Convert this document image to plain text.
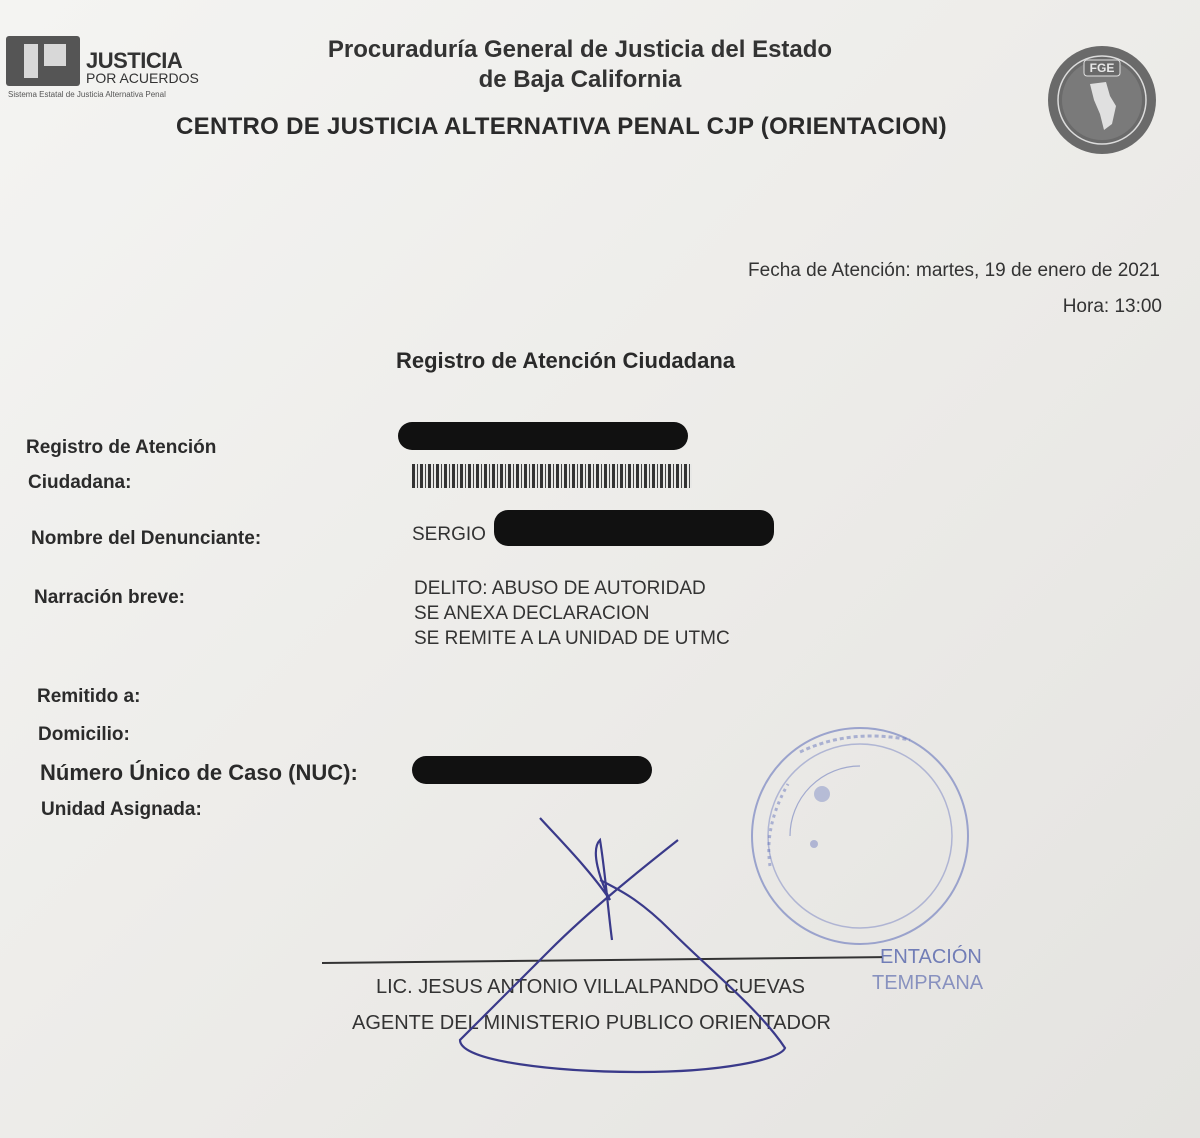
JUSTICIA
POR ACUERDOS
Sistema Estatal de Justicia Alternativa Penal
Procuraduría General de Justicia del Estado
de Baja California
CENTRO DE JUSTICIA ALTERNATIVA PENAL CJP (ORIENTACION)
FGE
Fecha de Atención: martes, 19 de enero de 2021
Hora: 13:00
Registro de Atención Ciudadana
Registro de Atención
Ciudadana:
Nombre del Denunciante:	SERGIO
Narración breve:	DELITO: ABUSO DE AUTORIDAD
SE ANEXA DECLARACION
SE REMITE A LA UNIDAD DE UTMC
Remitido a:
Domicilio:
Número Único de Caso (NUC):
Unidad Asignada:
ENTACIÓN
TEMPRANA
LIC. JESUS ANTONIO VILLALPANDO CUEVAS
AGENTE DEL MINISTERIO PUBLICO ORIENTADOR
